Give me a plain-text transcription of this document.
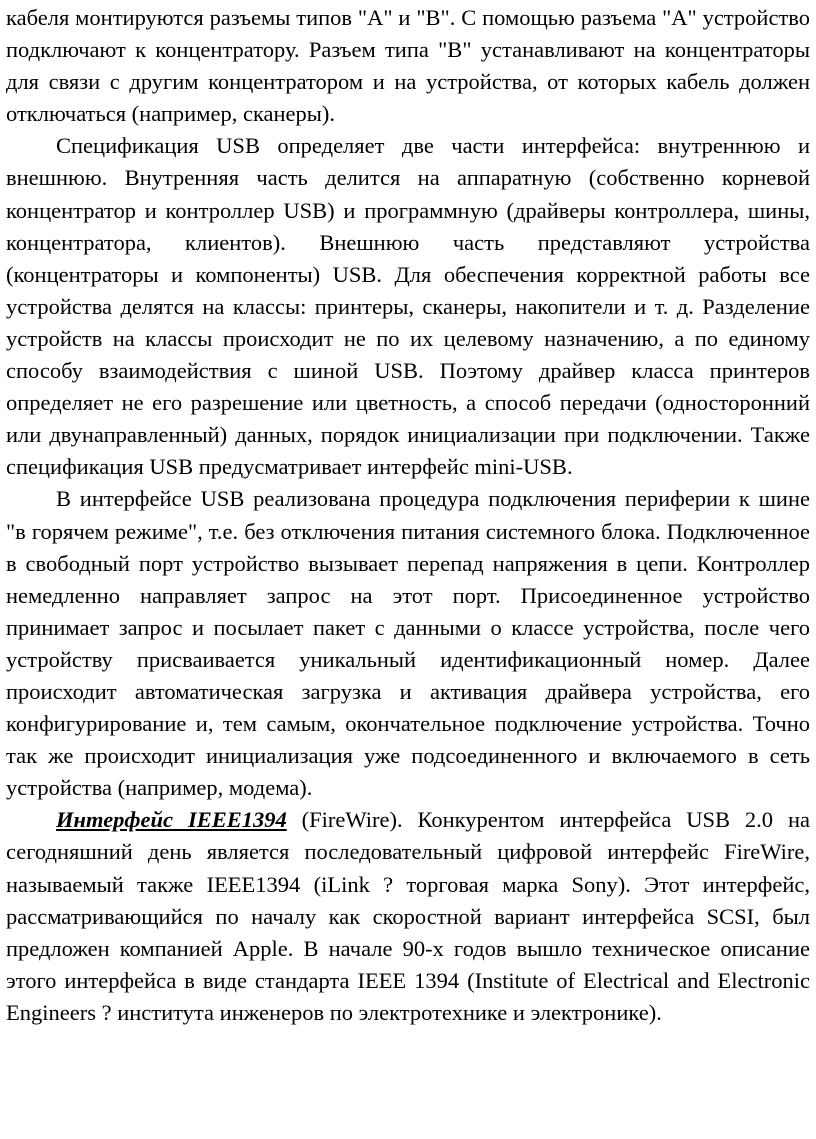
кабеля монтируются разъемы типов "А" и "В". С помощью разъема "А" устройство подключают к концентратору. Разъем типа "В" устанавливают на концентраторы для связи с другим концентратором и на устройства, от которых кабель должен отключаться (например, сканеры).

Спецификация USB определяет две части интерфейса: внутреннюю и внешнюю. Внутренняя часть делится на аппаратную (собственно корневой концентратор и контроллер USB) и программную (драйверы контроллера, шины, концентратора, клиентов). Внешнюю часть представляют устройства (концентраторы и компоненты) USB. Для обеспечения корректной работы все устройства делятся на классы: принтеры, сканеры, накопители и т. д. Разделение устройств на классы происходит не по их целевому назначению, а по единому способу взаимодействия с шиной USB. Поэтому драйвер класса принтеров определяет не его разрешение или цветность, а способ передачи (односторонний или двунаправленный) данных, порядок инициализации при подключении. Также спецификация USB предусматривает интерфейс mini-USB.

В интерфейсе USB реализована процедура подключения периферии к шине "в горячем режиме", т.е. без отключения питания системного блока. Подключенное в свободный порт устройство вызывает перепад напряжения в цепи. Контроллер немедленно направляет запрос на этот порт. Присоединенное устройство принимает запрос и посылает пакет с данными о классе устройства, после чего устройству присваивается уникальный идентификационный номер. Далее происходит автоматическая загрузка и активация драйвера устройства, его конфигурирование и, тем самым, окончательное подключение устройства. Точно так же происходит инициализация уже подсоединенного и включаемого в сеть устройства (например, модема).

Интерфейс IEEE1394 (FireWire). Конкурентом интерфейса USB 2.0 на сегодняшний день является последовательный цифровой интерфейс FireWire, называемый также IEEE1394 (iLink ? торговая марка Sony). Этот интерфейс, рассматривающийся по началу как скоростной вариант интерфейса SCSI, был предложен компанией Apple. В начале 90-х годов вышло техническое описание этого интерфейса в виде стандарта IEEE 1394 (Institute of Electrical and Electronic Engineers ? института инженеров по электротехнике и электронике).
